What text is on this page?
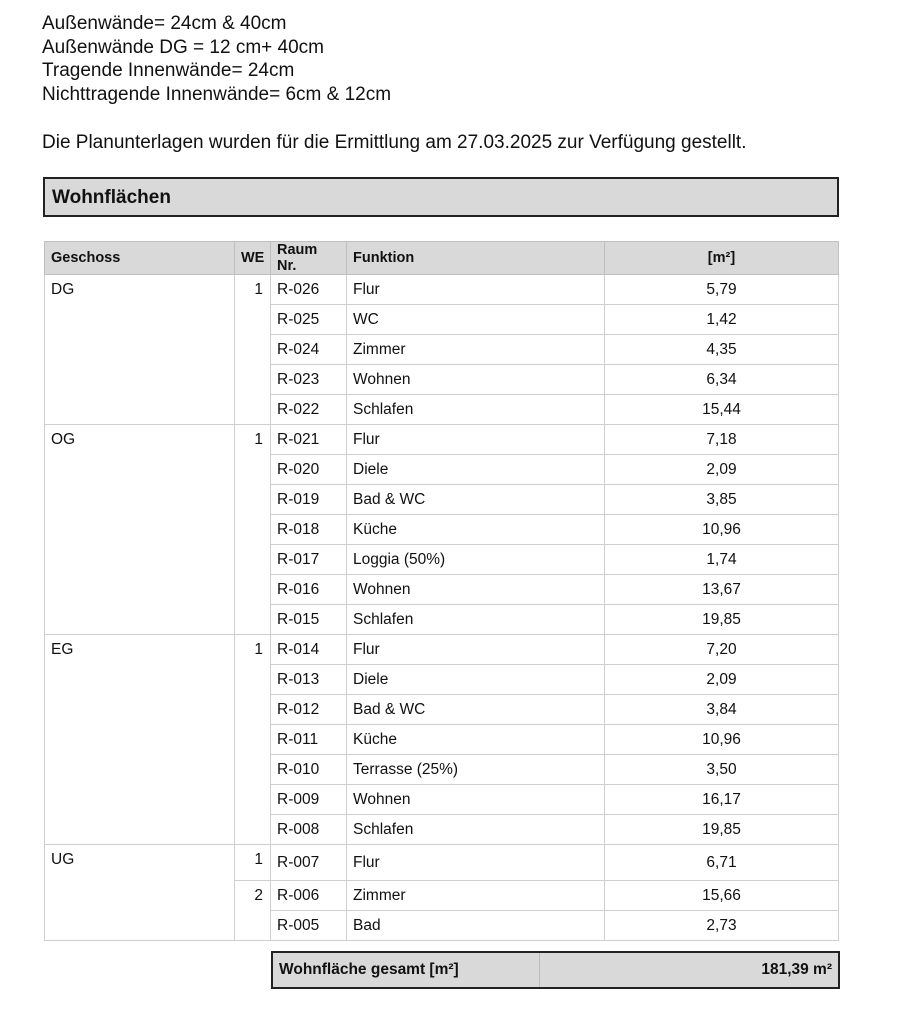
Außenwände= 24cm & 40cm
Außenwände DG = 12 cm+ 40cm
Tragende Innenwände= 24cm
Nichttragende Innenwände= 6cm & 12cm
Die Planunterlagen wurden für die Ermittlung am 27.03.2025 zur Verfügung gestellt.
Wohnflächen
Geschoss	WE	Raum Nr.	Funktion	[m²]
DG	1	R-026	Flur	5,79
		R-025	WC	1,42
		R-024	Zimmer	4,35
		R-023	Wohnen	6,34
		R-022	Schlafen	15,44
OG	1	R-021	Flur	7,18
		R-020	Diele	2,09
		R-019	Bad & WC	3,85
		R-018	Küche	10,96
		R-017	Loggia (50%)	1,74
		R-016	Wohnen	13,67
		R-015	Schlafen	19,85
EG	1	R-014	Flur	7,20
		R-013	Diele	2,09
		R-012	Bad & WC	3,84
		R-011	Küche	10,96
		R-010	Terrasse (25%)	3,50
		R-009	Wohnen	16,17
		R-008	Schlafen	19,85
UG	1	R-007	Flur	6,71
	2	R-006	Zimmer	15,66
		R-005	Bad	2,73
Wohnfläche gesamt [m²]	181,39 m²
